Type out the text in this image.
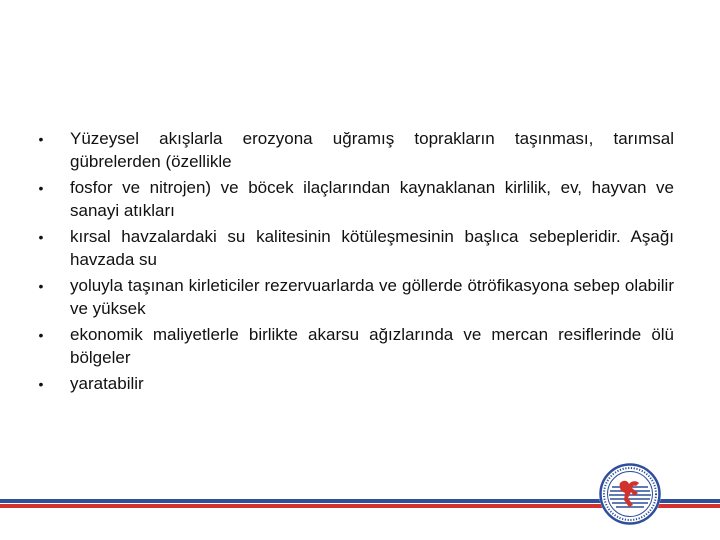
• Yüzeysel akışlarla erozyona uğramış toprakların taşınması, tarımsal gübrelerden (özellikle
• fosfor ve nitrojen) ve böcek ilaçlarından kaynaklanan kirlilik, ev, hayvan ve sanayi atıkları
• kırsal havzalardaki su kalitesinin kötüleşmesinin başlıca sebepleridir. Aşağı havzada su
• yoluyla taşınan kirleticiler rezervuarlarda ve göllerde ötröfikasyona sebep olabilir ve yüksek
• ekonomik maliyetlerle birlikte akarsu ağızlarında ve mercan resiflerinde ölü bölgeler
• yaratabilir
